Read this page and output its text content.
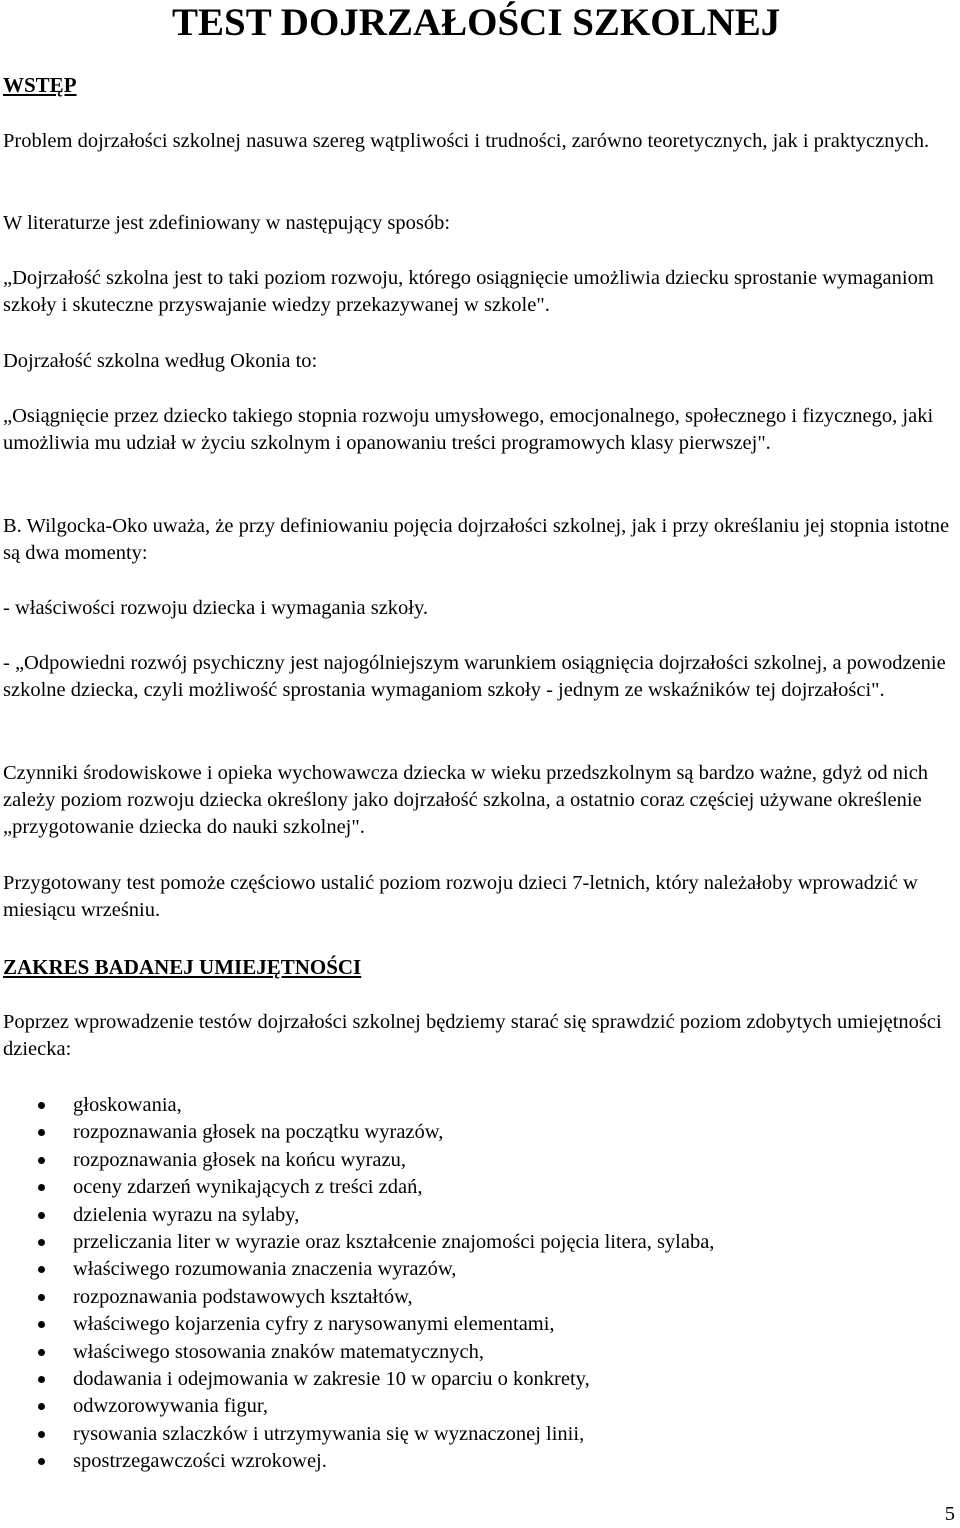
TEST DOJRZAŁOŚCI SZKOLNEJ
WSTĘP

Problem dojrzałości szkolnej nasuwa szereg wątpliwości i trudności, zarówno teoretycznych, jak i praktycznych.

W literaturze jest zdefiniowany w następujący sposób:

„Dojrzałość szkolna jest to taki poziom rozwoju, którego osiągnięcie umożliwia dziecku sprostanie wymaganiom szkoły i skuteczne przyswajanie wiedzy przekazywanej w szkole".

Dojrzałość szkolna według Okonia to:

„Osiągnięcie przez dziecko takiego stopnia rozwoju umysłowego, emocjonalnego, społecznego i fizycznego, jaki umożliwia mu udział w życiu szkolnym i opanowaniu treści programowych klasy pierwszej".

B. Wilgocka-Oko uważa, że przy definiowaniu pojęcia dojrzałości szkolnej, jak i przy określaniu jej stopnia istotne są dwa momenty:

- właściwości rozwoju dziecka i wymagania szkoły.

- „Odpowiedni rozwój psychiczny jest najogólniejszym warunkiem osiągnięcia dojrzałości szkolnej, a powodzenie szkolne dziecka, czyli możliwość sprostania wymaganiom szkoły - jednym ze wskaźników tej dojrzałości".

Czynniki środowiskowe i opieka wychowawcza dziecka w wieku przedszkolnym są bardzo ważne, gdyż od nich zależy poziom rozwoju dziecka określony jako dojrzałość szkolna, a ostatnio coraz częściej używane określenie „przygotowanie dziecka do nauki szkolnej".

Przygotowany test pomoże częściowo ustalić poziom rozwoju dzieci 7-letnich, który należałoby wprowadzić w miesiącu wrześniu.

ZAKRES BADANEJ UMIEJĘTNOŚCI

Poprzez wprowadzenie testów dojrzałości szkolnej będziemy starać się sprawdzić poziom zdobytych umiejętności dziecka:

głoskowania,
rozpoznawania głosek na początku wyrazów,
rozpoznawania głosek na końcu wyrazu,
oceny zdarzeń wynikających z treści zdań,
dzielenia wyrazu na sylaby,
przeliczania liter w wyrazie oraz kształcenie znajomości pojęcia litera, sylaba,
właściwego rozumowania znaczenia wyrazów,
rozpoznawania podstawowych kształtów,
właściwego kojarzenia cyfry z narysowanymi elementami,
właściwego stosowania znaków matematycznych,
dodawania i odejmowania w zakresie 10 w oparciu o konkrety,
odwzorowywania figur,
rysowania szlaczków i utrzymywania się w wyznaczonej linii,
spostrzegawczości wzrokowej.

5
